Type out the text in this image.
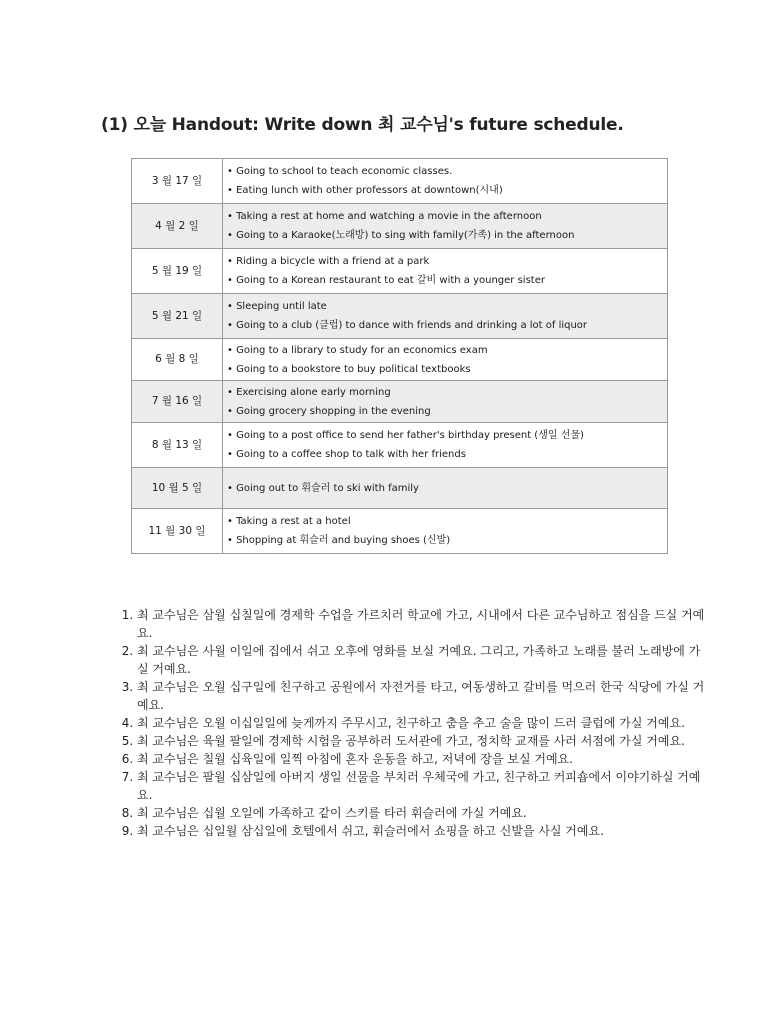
(1) 오늘 Handout: Write down 최 교수님's future schedule.
3 월 17 일	• Going to school to teach economic classes.
• Eating lunch with other professors at downtown(시내)

4 월 2 일	• Taking a rest at home and watching a movie in the afternoon
• Going to a Karaoke(노래방) to sing with family(가족) in the afternoon

5 월 19 일	• Riding a bicycle with a friend at a park
• Going to a Korean restaurant to eat 갈비 with a younger sister

5 월 21 일	• Sleeping until late
• Going to a club (클럽) to dance with friends and drinking a lot of liquor

6 월 8 일	• Going to a library to study for an economics exam
• Going to a bookstore to buy political textbooks

7 월 16 일	• Exercising alone early morning
• Going grocery shopping in the evening

8 월 13 일	• Going to a post office to send her father's birthday present (생일 선물)
• Going to a coffee shop to talk with her friends

10 월 5 일	• Going out to 휘슬러 to ski with family

11 월 30 일	• Taking a rest at a hotel
• Shopping at 휘슬러 and buying shoes (신발)
1. 최 교수님은 삼월 십칠일에 경제학 수업을 가르치러 학교에 가고, 시내에서 다른 교수님하고 점심을 드실 거예요.
2. 최 교수님은 사월 이일에 집에서 쉬고 오후에 영화를 보실 거예요. 그리고, 가족하고 노래를 불러 노래방에 가실 거예요.
3. 최 교수님은 오월 십구일에 친구하고 공원에서 자전거를 타고, 여동생하고 갈비를 먹으러 한국 식당에 가실 거예요.
4. 최 교수님은 오월 이십일일에 늦게까지 주무시고, 친구하고 춤을 추고 술을 많이 드러 클럽에 가실 거예요.
5. 최 교수님은 육월 팔일에 경제학 시험을 공부하러 도서관에 가고, 정치학 교재를 사러 서점에 가실 거예요.
6. 최 교수님은 칠월 십육일에 일찍 아침에 혼자 운동을 하고, 저녁에 장을 보실 거예요.
7. 최 교수님은 팔월 십삼일에 아버지 생일 선물을 부치러 우체국에 가고, 친구하고 커피숍에서 이야기하실 거예요.
8. 최 교수님은 십월 오일에 가족하고 같이 스키를 타러 휘슬러에 가실 거예요.
9. 최 교수님은 십일월 삼십일에 호텔에서 쉬고, 휘슬러에서 쇼핑을 하고 신발을 사실 거예요.
